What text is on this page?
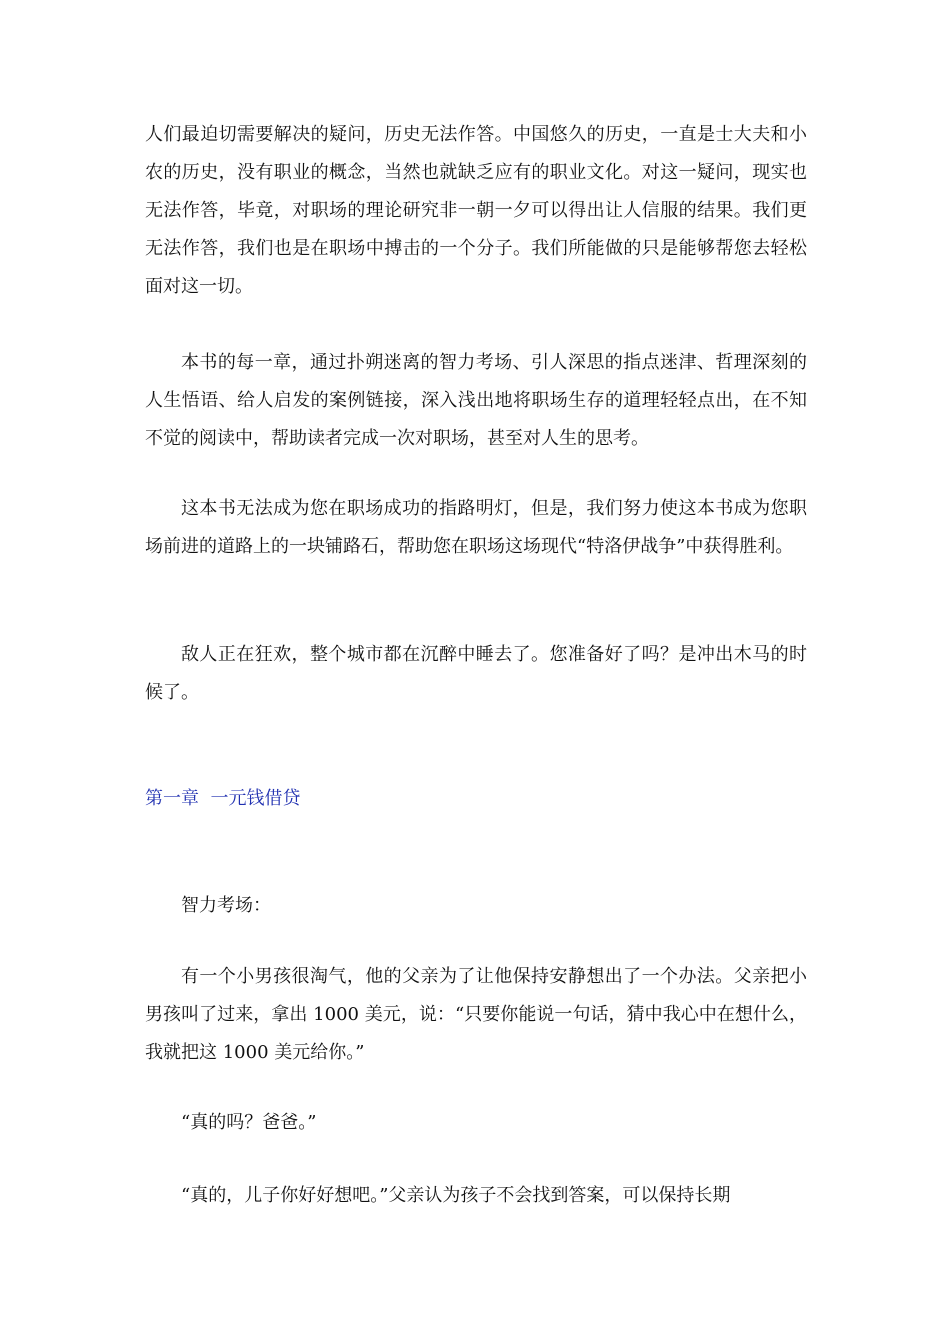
人们最迫切需要解决的疑问，历史无法作答。中国悠久的历史，一直是士大夫和小农的历史，没有职业的概念，当然也就缺乏应有的职业文化。对这一疑问，现实也无法作答，毕竟，对职场的理论研究非一朝一夕可以得出让人信服的结果。我们更无法作答，我们也是在职场中搏击的一个分子。我们所能做的只是能够帮您去轻松面对这一切。

本书的每一章，通过扑朔迷离的智力考场、引人深思的指点迷津、哲理深刻的人生悟语、给人启发的案例链接，深入浅出地将职场生存的道理轻轻点出，在不知不觉的阅读中，帮助读者完成一次对职场，甚至对人生的思考。

这本书无法成为您在职场成功的指路明灯，但是，我们努力使这本书成为您职场前进的道路上的一块铺路石，帮助您在职场这场现代“特洛伊战争”中获得胜利。

敌人正在狂欢，整个城市都在沉醉中睡去了。您准备好了吗？是冲出木马的时候了。

第一章  一元钱借贷

智力考场：

有一个小男孩很淘气，他的父亲为了让他保持安静想出了一个办法。父亲把小男孩叫了过来，拿出 1000 美元，说：“只要你能说一句话，猜中我心中在想什么，我就把这 1000 美元给你。”

“真的吗？爸爸。”

“真的，儿子你好好想吧。”父亲认为孩子不会找到答案，可以保持长期
